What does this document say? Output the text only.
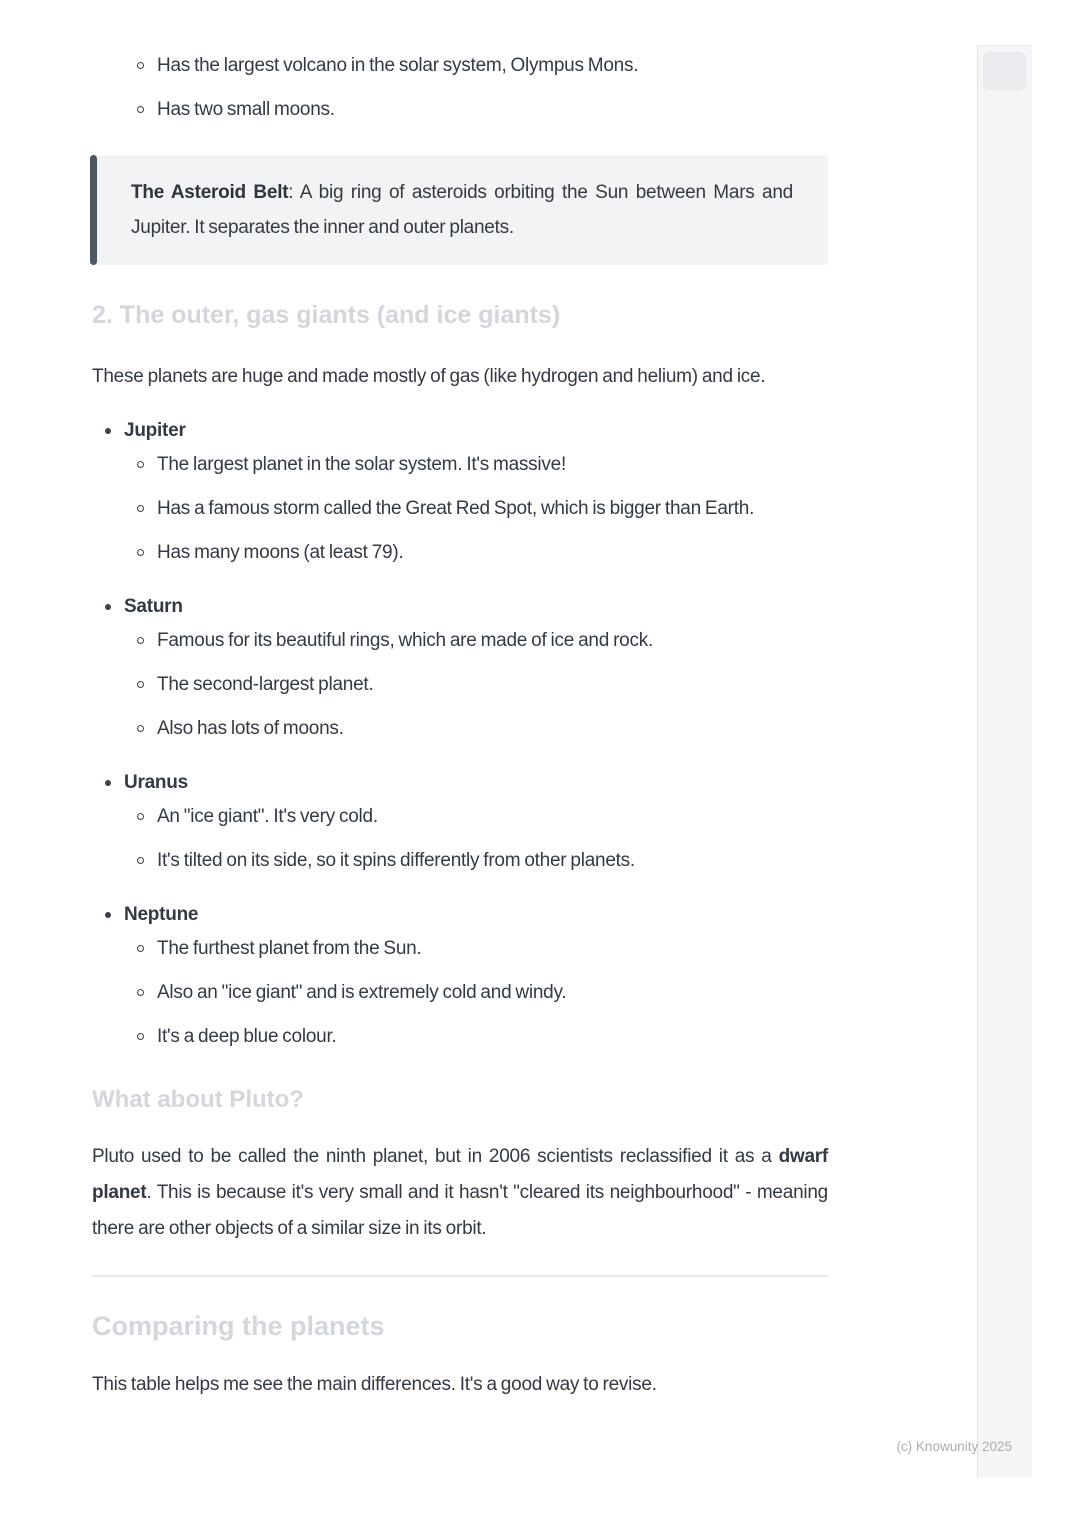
Has the largest volcano in the solar system, Olympus Mons.
Has two small moons.
The Asteroid Belt: A big ring of asteroids orbiting the Sun between Mars and Jupiter. It separates the inner and outer planets.
2. The outer, gas giants (and ice giants)

These planets are huge and made mostly of gas (like hydrogen and helium) and ice.

Jupiter
The largest planet in the solar system. It's massive!
Has a famous storm called the Great Red Spot, which is bigger than Earth.
Has many moons (at least 79).
Saturn
Famous for its beautiful rings, which are made of ice and rock.
The second-largest planet.
Also has lots of moons.
Uranus
An "ice giant". It's very cold.
It's tilted on its side, so it spins differently from other planets.
Neptune
The furthest planet from the Sun.
Also an "ice giant" and is extremely cold and windy.
It's a deep blue colour.
What about Pluto?

Pluto used to be called the ninth planet, but in 2006 scientists reclassified it as a dwarf planet. This is because it's very small and it hasn't "cleared its neighbourhood" - meaning there are other objects of a similar size in its orbit.

Comparing the planets

This table helps me see the main differences. It's a good way to revise.

(c) Knowunity 2025
